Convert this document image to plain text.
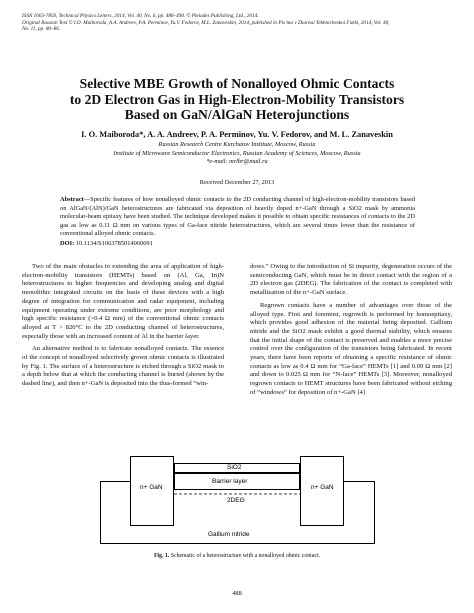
ISSN 1063-7850, Technical Physics Letters, 2014, Vol. 40, No. 6, pp. 486–490. © Pleiades Publishing, Ltd., 2014.
Original Russian Text © I.O. Maiboroda, A.A. Andreev, P.A. Perminov, Yu.V. Fedorov, M.L. Zanaveskin, 2014, published in Pis’ma v Zhurnal Tekhnicheskoi Fiziki, 2014, Vol. 40,
No. 11, pp. 80–86.
Selective MBE Growth of Nonalloyed Ohmic Contacts
to 2D Electron Gas in High-Electron-Mobility Transistors
Based on GaN/AlGaN Heterojunctions
I. O. Maiboroda*, A. A. Andreev, P. A. Perminov, Yu. V. Fedorov, and M. L. Zanaveskin
Russian Research Centre Kurchatov Institute, Moscow, Russia
Institute of Microwave Semiconductor Electronics, Russian Academy of Sciences, Moscow, Russia
*e-mail: mrlbr@mail.ru
Received December 27, 2013
Abstract—Specific features of how nonalloyed ohmic contacts to the 2D conducting channel of high-electron-mobility transistors based on AlGaN/(AlN)/GaN heterostructures are fabricated via deposition of heavily doped n+-GaN through a SiO2 mask by ammonia molecular-beam epitaxy have been studied. The technique developed makes it possible to obtain specific resistances of contacts to the 2D gas as low as 0.11 Ω mm on various types of Ga-face nitride heterostructures, which are several times lower than the resistance of conventional alloyed ohmic contacts.
DOI: 10.1134/S1063785014060091

Two of the main obstacles to extending the area of application of high-electron-mobility transistors (HEMTs) based on (Al, Ga, In)N heterostructures to higher frequencies and developing analog and digital monolithic integrated circuits on the basis of these devices with a high degree of integration for communication and radar equipment, including equipment operating under extreme conditions, are poor morphology and high specific resistance (>0.4 Ω mm) of the conventional ohmic contacts alloyed at T > 820°C to the 2D conducting channel of heterostructures, especially those with an increased content of Al in the barrier layer.

An alternative method is to fabricate nonalloyed contacts. The essence of the concept of nonalloyed selectively grown ohmic contacts is illustrated by Fig. 1. The surface of a heterostructure is etched through a SiO2 mask to a depth below that at which the conducting channel is buried (shown by the dashed line), and then n+-GaN is deposited into the thus-formed “win-

dows.” Owing to the introduction of Si impurity, degeneration occurs of the semiconducting GaN, which must be in direct contact with the region of a 2D electron gas (2DEG). The fabrication of the contact is completed with metallization of the n+-GaN surface.

Regrown contacts have a number of advantages over those of the alloyed type. First and foremost, regrowth is performed by homoepitaxy, which provides good adhesion of the material being deposited. Gallium nitride and the SiO2 mask exhibit a good thermal stability, which ensures that the initial shape of the contact is preserved and enables a more precise control over the configuration of the transistors being fabricated. In recent years, there have been reports of obtaining a specific resistance of ohmic contacts as low as 0.4 Ω mm for “Ga-face” HEMTs [1] and 0.09 Ω mm [2] and down to 0.025 Ω mm for “N-face” HEMTs [3]. Moreover, nonalloyed regrown contacts to HEMT structures have been fabricated without etching of “windows” for deposition of n+-GaN [4]

SiO2
n+ GaN	n+ GaN
Barrier layer
2DEG
Gallium nitride
Fig. 1. Schematic of a heterostructure with a nonalloyed ohmic contact.
488
